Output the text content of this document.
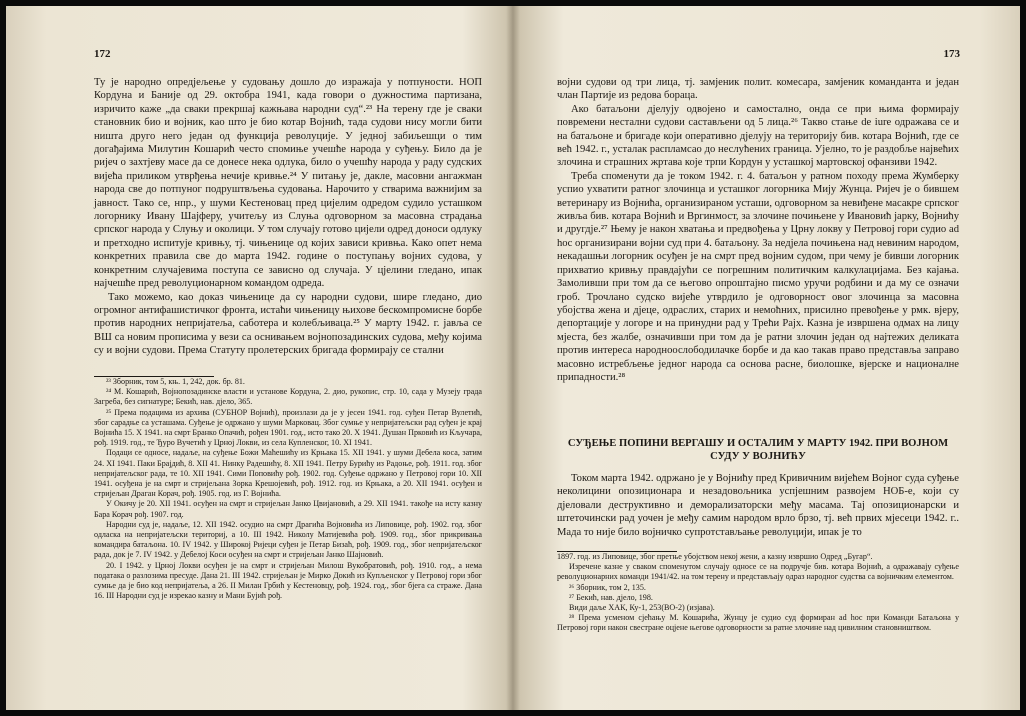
172

Ту је народно опредјељење у судовању дошло до изражаја у потпуности. НОП Кордуна и Баније од 29. октобра 1941, када говори о дужностима партизана, изричито каже „да сваки прекршај кажњава народни суд“.²³ На терену где је сваки становник био и војник, као што је био котар Војнић, тада судови нису могли бити ништа друго него један од функција револуције. У једној забиљешци о тим догађајима Милутин Кошарић често спомиње учешће народа у суђењу. Било да је ријеч о захтјеву масе да се донесе нека одлука, било о учешћу народа у раду судских вијећа приликом утврђења нечије кривње.²⁴ У питању је, дакле, масовни ангажман народа све до потпуног подруштвљења судовања. Нарочито у стварима важнијим за јавност. Тако се, нпр., у шуми Кестеновац пред цијелим одредом судило усташком логорнику Ивану Шајферу, учитељу из Слуња одговорном за масовна страдања српског народа у Слуњу и околици. У том случају готово цијели одред доноси одлуку и претходно испитује кривњу, тј. чињенице од којих зависи кривња. Како опет нема конкретних правила све до марта 1942. године о поступању војних судова, у конкретним случајевима поступа се зависно од случаја. У цјелини гледано, ипак најчешће пред револуционарном командом одреда.

Тако можемо, као доказ чињенице да су народни судови, шире гледано, дио огромног антифашистичког фронта, истаћи чињеницу њихове бескомпромисне борбе против народних непријатеља, саботера и колебљиваца.²⁵ У марту 1942. г. јавља се ВШ са новим прописима у вези са оснивањем војнопозадинских судова, међу којима су и војни судови. Према Статуту пролетерских бригада формирају се стални

²³ Зборник, том 5, књ. 1, 242, док. бр. 81.

²⁴ М. Кошарић, Војнопозадинске власти и установе Кордуна, 2. дио, рукопис, стр. 10, сада у Музеју града Загреба, без сигнатуре; Бекић, нав. дјело, 365.

²⁵ Према подацима из архива (СУБНОР Војнић), произлази да је у јесен 1941. год. суђен Петар Вулетић, због сарадње са усташама. Суђење је одржано у шуми Марковац. Због сумње у непријатељски рад суђен је крај Војнића 15. X 1941. на смрт Бранко Опачић, рођен 1901. год., исто тако 20. X 1941. Душан Прковић из Кључара, рођ. 1919. год., те Ђуро Вучетић у Црној Локви, из села Купленског, 10. XI 1941.

Подаци се односе, надаље, на суђење Божи Маћешићу из Крњака 15. XII 1941. у шуми Дебела коса, затим 24. XI 1941. Паки Брајдић, 8. XII 41. Нинку Радешићу, 8. XII 1941. Петру Бурићу из Радоње, рођ. 1911. год. због непријатељског рада, те 10. XII 1941. Сими Поповићу рођ. 1902. год. Суђење одржано у Петровој гори 10. XII 1941. осуђена је на смрт и стријељана Зорка Крешојевић, рођ. 1912. год. из Крњака, а 20. XII 1941. осуђен и стријељан Драган Корач, рођ. 1905. год. из Г. Војнића.

У Окичу је 20. XII 1941. осуђен на смрт и стријељан Јанко Цвијановић, а 29. XII 1941. такође на исту казну Бара Корач рођ. 1907. год.

Народни суд је, надаље, 12. XII 1942. осудио на смрт Драгића Војновића из Липовице, рођ. 1902. год. због одласка на непријатељски териториј, а 10. III 1942. Николу Матијевића рођ. 1909. год., због прикривања командира батаљона. 10. IV 1942. у Широкој Ријеци суђен је Петар Бизаћ, рођ. 1909. год., због непријатељског рада, док је 7. IV 1942. у Дебелој Коси осуђен на смрт и стријељан Јанко Шајновић.

20. I 1942. у Црној Локви осуђен је на смрт и стријељан Милош Вукобратовић, рођ. 1910. год., а нема података о разлозима пресуде. Дана 21. III 1942. стријељан је Мирко Докић из Купљенског у Петровој гори због сумње да је био код непријатеља, а 26. II Милан Грбић у Кестеновцу, рођ. 1924. год., због бјега са страже. Дана 16. III Народни суд је изрекао казну и Мани Бујић рођ.

173

војни судови од три лица, тј. замјеник полит. комесара, замјеник команданта и један члан Партије из редова бораца.

Ако батаљони дјелују одвојено и самостално, онда се при њима формирају повремени нестални судови састављени од 5 лица.²⁶ Такво стање de iure одражава се и на батаљоне и бригаде који оперативно дјелују на територију бив. котара Војнић, где се већ 1942. г., усталак распламсао до неслућених граница. Ујелно, то је раздобље највећих злочина и страшних жртава које трпи Кордун у усташкој мартовској офанзиви 1942.

Треба споменути да је током 1942. г. 4. батаљон у ратном походу према Жумберку успио ухватити ратног злочинца и усташког логорника Мију Жунца. Ријеч је о бившем ветеринару из Војнића, организираном усташи, одговорном за невиђене масакре српског живља бив. котара Војнић и Вргинмост, за злочине почињене у Ивановић јарку, Војнићу и другдје.²⁷ Њему је након хватања и предвођења у Црну локву у Петровој гори судио ad hoc организирани војни суд при 4. батаљону. За недјела почињена над невиним народом, некадашњи логорник осуђен је на смрт пред војним судом, при чему је бивши логорник прихватио кривњу правдајући се погрешним политичким калкулацијама. Без кајања. Замоливши при том да се његово опроштајно писмо уручи родбини и да му се означи гроб. Трочлано судско вијеће утврдило је одговорност овог злочинца за масовна убојства жена и дјеце, одраслих, старих и немоћних, присилно превођење у рмк. вјеру, депортације у логоре и на принудни рад у Трећи Рајх. Казна је извршена одмах на лицу мјеста, без жалбе, означивши при том да је ратни злочин један од најтежих деликата против интереса народноослободилачке борбе и да као такав право представља заправо масовно истребљење једног народа са основа расне, биолошке, вјерске и националне припадности.²⁸

СУЂЕЊЕ ПОПИНИ ВЕРГАШУ И ОСТАЛИМ У МАРТУ 1942. ПРИ ВОЈНОМ СУДУ У ВОЈНИЋУ

Током марта 1942. одржано је у Војнићу пред Кривичним вијећем Војног суда суђење неколицини опозиционара и незадовољника успјешним развојем НОБ-е, који су дјеловали деструктивно и деморализаторски међу масама. Тај опозиционарски и штеточински рад уочен је међу самим народом врло брзо, тј. већ првих мјесеци 1942. г.. Мада то није било војничко супротстављање револуцији, ипак је то

1897. год. из Липовице, због претње убојством некој жени, а казну извршио Одред „Бугар“.

Изречене казне у сваком споменутом случају односе се на подручје бив. котара Војнић, а одражавају суђење револуционарних команди 1941/42. на том терену и представљају одраз народног судства са војничким елементом.

²⁶ Зборник, том 2, 135.

²⁷ Бекић, нав. дјело, 198.

Види даље ХАК, Ку-1, 253(ВО-2) (изјава).

²⁸ Према усменом сјећању М. Кошарића, Жунцу је судио суд формиран ad hoc при Команди Батаљона у Петровој гори након свестране оцјене његове одговорности за ратне злочине над цивилним становништвом.
